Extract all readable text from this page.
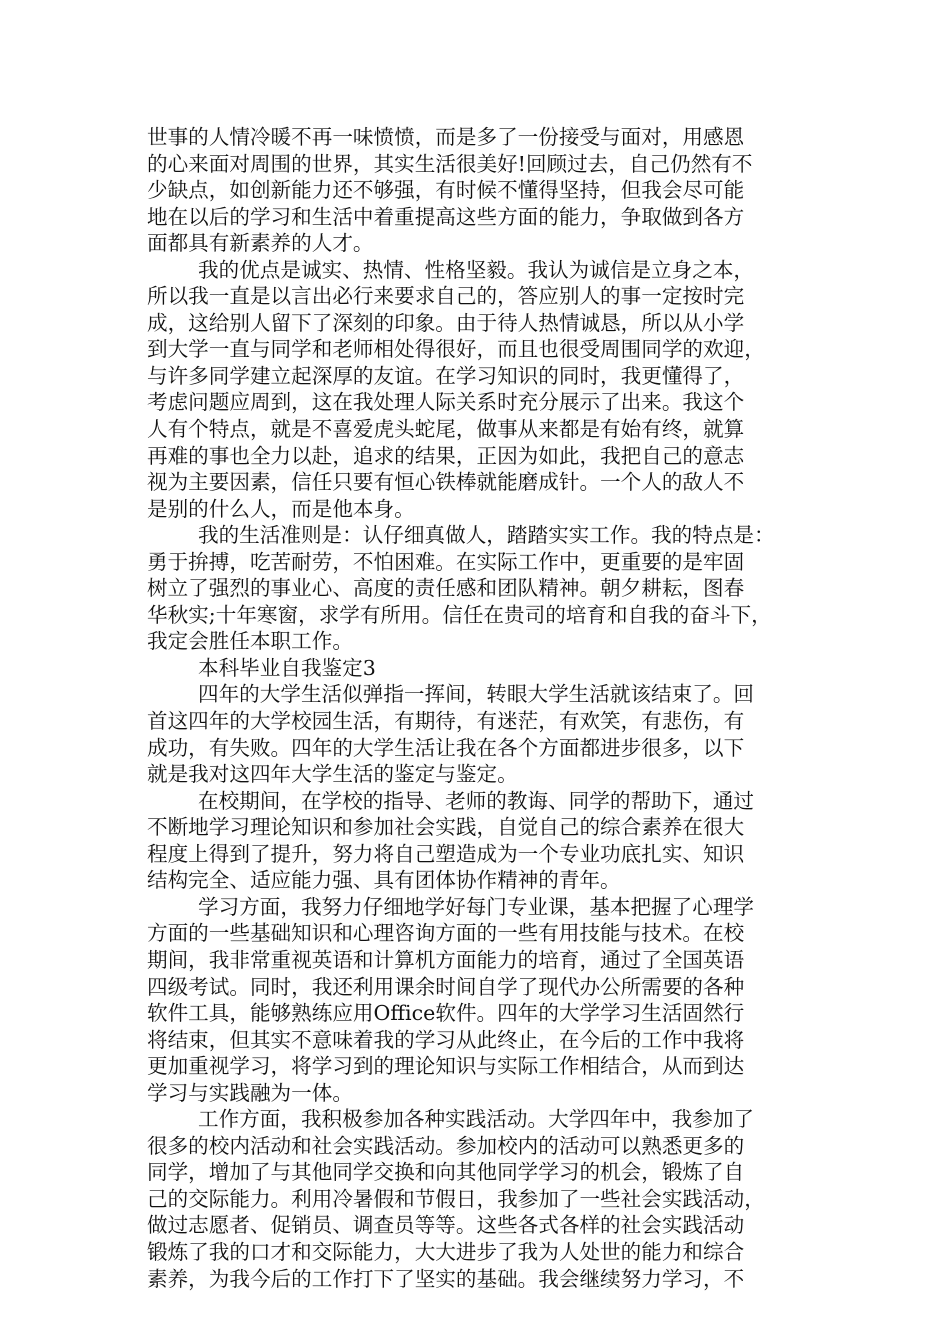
世事的人情冷暖不再一味愤愤，而是多了一份接受与面对，用感恩
的心来面对周围的世界，其实生活很美好!回顾过去，自己仍然有不
少缺点，如创新能力还不够强，有时候不懂得坚持，但我会尽可能
地在以后的学习和生活中着重提高这些方面的能力，争取做到各方
面都具有新素养的人才。
我的优点是诚实、热情、性格坚毅。我认为诚信是立身之本，
所以我一直是以言出必行来要求自己的，答应别人的事一定按时完
成，这给别人留下了深刻的印象。由于待人热情诚恳，所以从小学
到大学一直与同学和老师相处得很好，而且也很受周围同学的欢迎，
与许多同学建立起深厚的友谊。在学习知识的同时，我更懂得了，
考虑问题应周到，这在我处理人际关系时充分展示了出来。我这个
人有个特点，就是不喜爱虎头蛇尾，做事从来都是有始有终，就算
再难的事也全力以赴，追求的结果，正因为如此，我把自己的意志
视为主要因素，信任只要有恒心铁棒就能磨成针。一个人的敌人不
是别的什么人，而是他本身。
我的生活准则是：认仔细真做人，踏踏实实工作。我的特点是：
勇于拚搏，吃苦耐劳，不怕困难。在实际工作中，更重要的是牢固
树立了强烈的事业心、高度的责任感和团队精神。朝夕耕耘，图春
华秋实;十年寒窗，求学有所用。信任在贵司的培育和自我的奋斗下，
我定会胜任本职工作。
本科毕业自我鉴定3
四年的大学生活似弹指一挥间，转眼大学生活就该结束了。回
首这四年的大学校园生活，有期待，有迷茫，有欢笑，有悲伤，有
成功，有失败。四年的大学生活让我在各个方面都进步很多，以下
就是我对这四年大学生活的鉴定与鉴定。
在校期间，在学校的指导、老师的教诲、同学的帮助下，通过
不断地学习理论知识和参加社会实践，自觉自己的综合素养在很大
程度上得到了提升，努力将自己塑造成为一个专业功底扎实、知识
结构完全、适应能力强、具有团体协作精神的青年。
学习方面，我努力仔细地学好每门专业课，基本把握了心理学
方面的一些基础知识和心理咨询方面的一些有用技能与技术。在校
期间，我非常重视英语和计算机方面能力的培育，通过了全国英语
四级考试。同时，我还利用课余时间自学了现代办公所需要的各种
软件工具，能够熟练应用Office软件。四年的大学学习生活固然行
将结束，但其实不意味着我的学习从此终止，在今后的工作中我将
更加重视学习，将学习到的理论知识与实际工作相结合，从而到达
学习与实践融为一体。
工作方面，我积极参加各种实践活动。大学四年中，我参加了
很多的校内活动和社会实践活动。参加校内的活动可以熟悉更多的
同学，增加了与其他同学交换和向其他同学学习的机会，锻炼了自
己的交际能力。利用冷暑假和节假日，我参加了一些社会实践活动，
做过志愿者、促销员、调查员等等。这些各式各样的社会实践活动
锻炼了我的口才和交际能力，大大进步了我为人处世的能力和综合
素养，为我今后的工作打下了坚实的基础。我会继续努力学习，不
